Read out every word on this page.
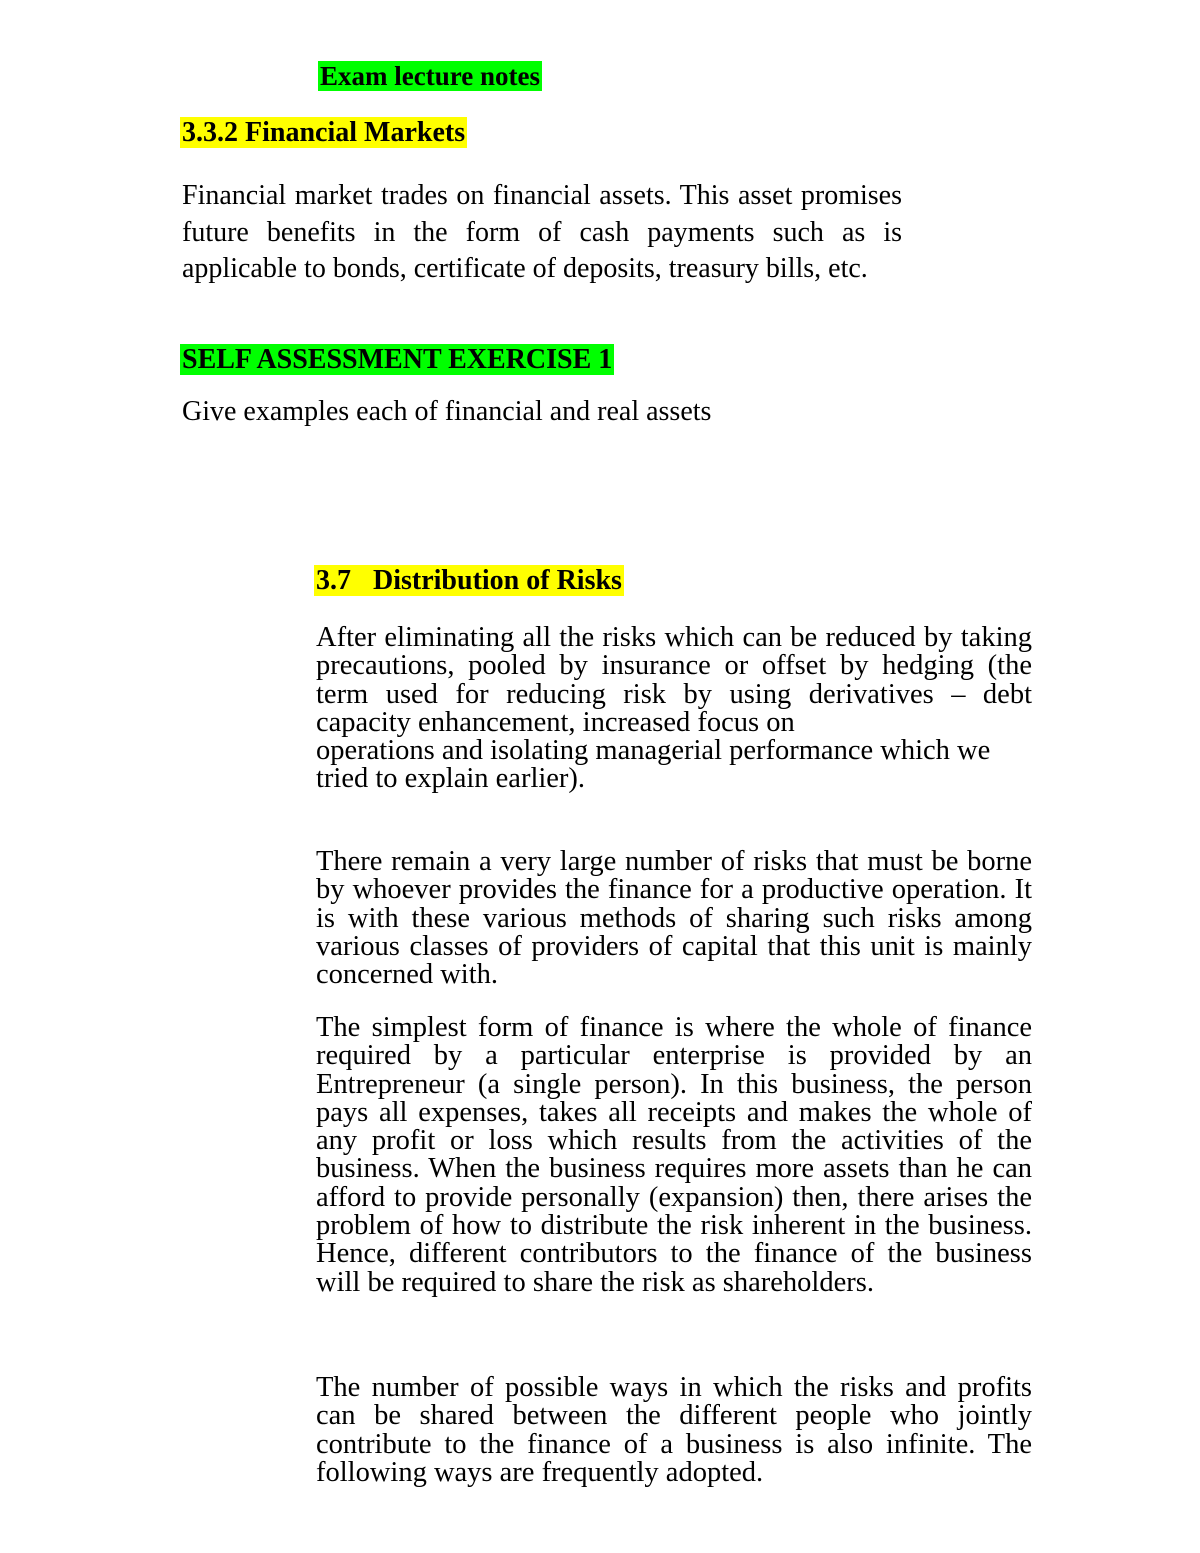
Exam lecture notes
3.3.2 Financial Markets

Financial market trades on financial assets. This asset promises future benefits in the form of cash payments such as is applicable to bonds, certificate of deposits, treasury bills, etc.

SELF ASSESSMENT EXERCISE 1

Give examples each of financial and real assets

3.7 Distribution of Risks
After eliminating all the risks which can be reduced by taking precautions, pooled by insurance or offset by hedging (the term used for reducing risk by using derivatives – debt capacity enhancement, increased focus on
operations and isolating managerial performance which we tried to explain earlier).

There remain a very large number of risks that must be borne by whoever provides the finance for a productive operation. It is with these various methods of sharing such risks among various classes of providers of capital that this unit is mainly concerned with.

The simplest form of finance is where the whole of finance required by a particular enterprise is provided by an Entrepreneur (a single person). In this business, the person pays all expenses, takes all receipts and makes the whole of any profit or loss which results from the activities of the business. When the business requires more assets than he can afford to provide personally (expansion) then, there arises the problem of how to distribute the risk inherent in the business. Hence, different contributors to the finance of the business will be required to share the risk as shareholders.

The number of possible ways in which the risks and profits can be shared between the different people who jointly contribute to the finance of a business is also infinite. The following ways are frequently adopted.
